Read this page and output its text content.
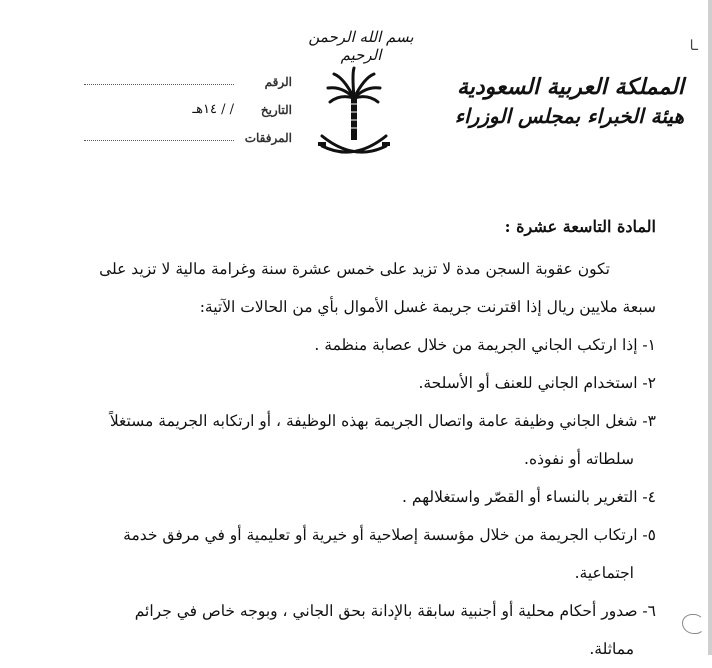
ـا
بسم الله الرحمن الرحيم
المملكة العربية السعودية
هيئة الخبراء بمجلس الوزراء
الرقم
التاريخ
/ / ١٤هـ
المرفقات
المادة التاسعة عشرة :
تكون عقوبة السجن مدة لا تزيد على خمس عشرة سنة وغرامة مالية لا تزيد على
سبعة ملايين ريال إذا اقترنت جريمة غسل الأموال بأي من الحالات الآتية:
١- إذا ارتكب الجاني الجريمة من خلال عصابة منظمة .
٢- استخدام الجاني للعنف أو الأسلحة.
٣- شغل الجاني وظيفة عامة واتصال الجريمة بهذه الوظيفة ، أو ارتكابه الجريمة مستغلاً
سلطاته أو نفوذه.
٤- التغرير بالنساء أو القصّر واستغلالهم .
٥- ارتكاب الجريمة من خلال مؤسسة إصلاحية أو خيرية أو تعليمية أو في مرفق خدمة
اجتماعية.
٦- صدور أحكام محلية أو أجنبية سابقة بالإدانة بحق الجاني ، وبوجه خاص في جرائم
مماثلة.
